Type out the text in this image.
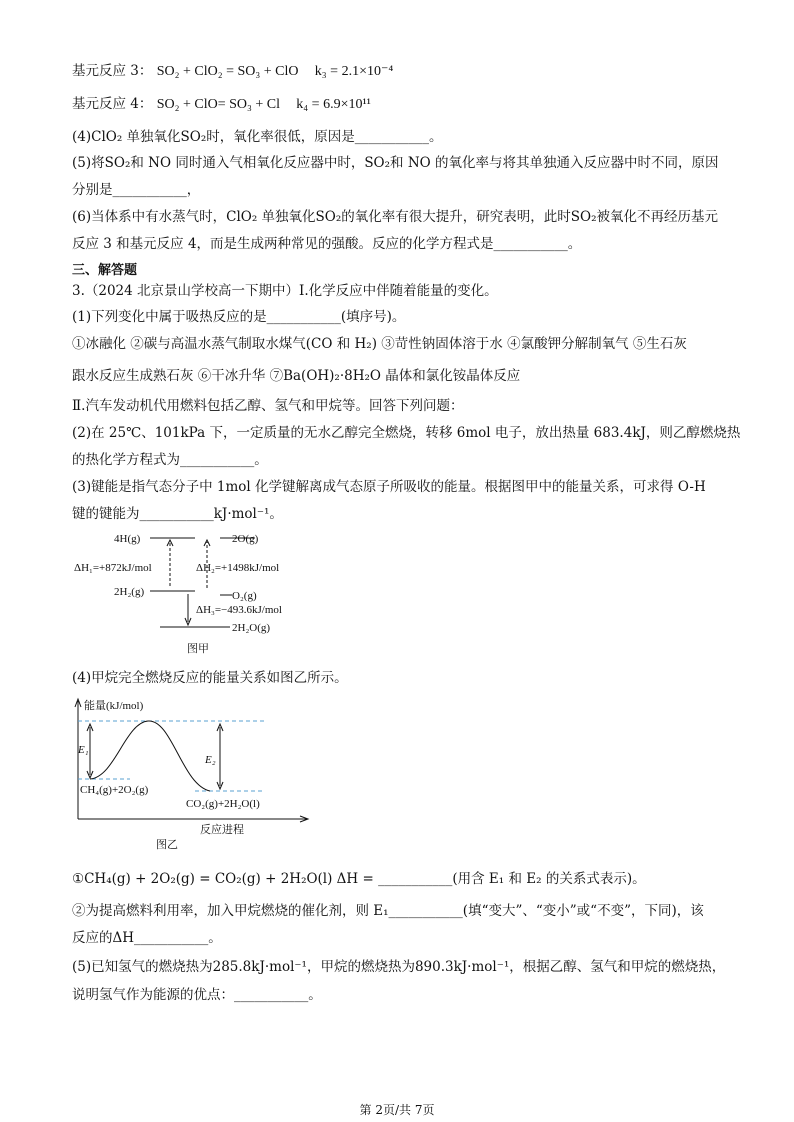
基元反应 3： SO₂ + ClO₂ = SO₃ + ClO k₃ = 2.1×10⁻⁴
基元反应 4： SO₂ + ClO= SO₃ + Cl k₄ = 6.9×10¹¹
(4)ClO₂ 单独氧化SO₂时，氧化率很低，原因是___________。
(5)将SO₂和 NO 同时通入气相氧化反应器中时，SO₂和 NO 的氧化率与将其单独通入反应器中时不同，原因
分别是___________，
(6)当体系中有水蒸气时，ClO₂ 单独氧化SO₂的氧化率有很大提升，研究表明，此时SO₂被氧化不再经历基元
反应 3 和基元反应 4，而是生成两种常见的强酸。反应的化学方程式是___________。
三、解答题
3.（2024 北京景山学校高一下期中）Ⅰ.化学反应中伴随着能量的变化。
(1)下列变化中属于吸热反应的是___________(填序号)。
①冰融化 ②碳与高温水蒸气制取水煤气(CO 和 H₂) ③苛性钠固体溶于水 ④氯酸钾分解制氧气 ⑤生石灰
跟水反应生成熟石灰 ⑥干冰升华 ⑦Ba(OH)₂·8H₂O 晶体和氯化铵晶体反应
Ⅱ.汽车发动机代用燃料包括乙醇、氢气和甲烷等。回答下列问题：
(2)在 25℃、101kPa 下，一定质量的无水乙醇完全燃烧，转移 6mol 电子，放出热量 683.4kJ，则乙醇燃烧热
的热化学方程式为___________。
(3)键能是指气态分子中 1mol 化学键解离成气态原子所吸收的能量。根据图甲中的能量关系，可求得 O-H
键的键能为___________kJ·mol⁻¹。
4H(g)	2O(g)
ΔH₁=+872kJ/mol	ΔH₂=+1498kJ/mol
2H₂(g)	O₂(g)
ΔH₃=−493.6kJ/mol
2H₂O(g)
图甲
(4)甲烷完全燃烧反应的能量关系如图乙所示。
能量(kJ/mol)
E₁
E₂
CH₄(g)+2O₂(g)
CO₂(g)+2H₂O(l)
反应进程
图乙
①CH₄(g) + 2O₂(g) = CO₂(g) + 2H₂O(l) ΔH = ___________(用含 E₁ 和 E₂ 的关系式表示)。
②为提高燃料利用率，加入甲烷燃烧的催化剂，则 E₁___________(填“变大”、“变小”或“不变”，下同)，该
反应的ΔH___________。
(5)已知氢气的燃烧热为285.8kJ·mol⁻¹，甲烷的燃烧热为890.3kJ·mol⁻¹，根据乙醇、氢气和甲烷的燃烧热，
说明氢气作为能源的优点：___________。
第 2页/共 7页
